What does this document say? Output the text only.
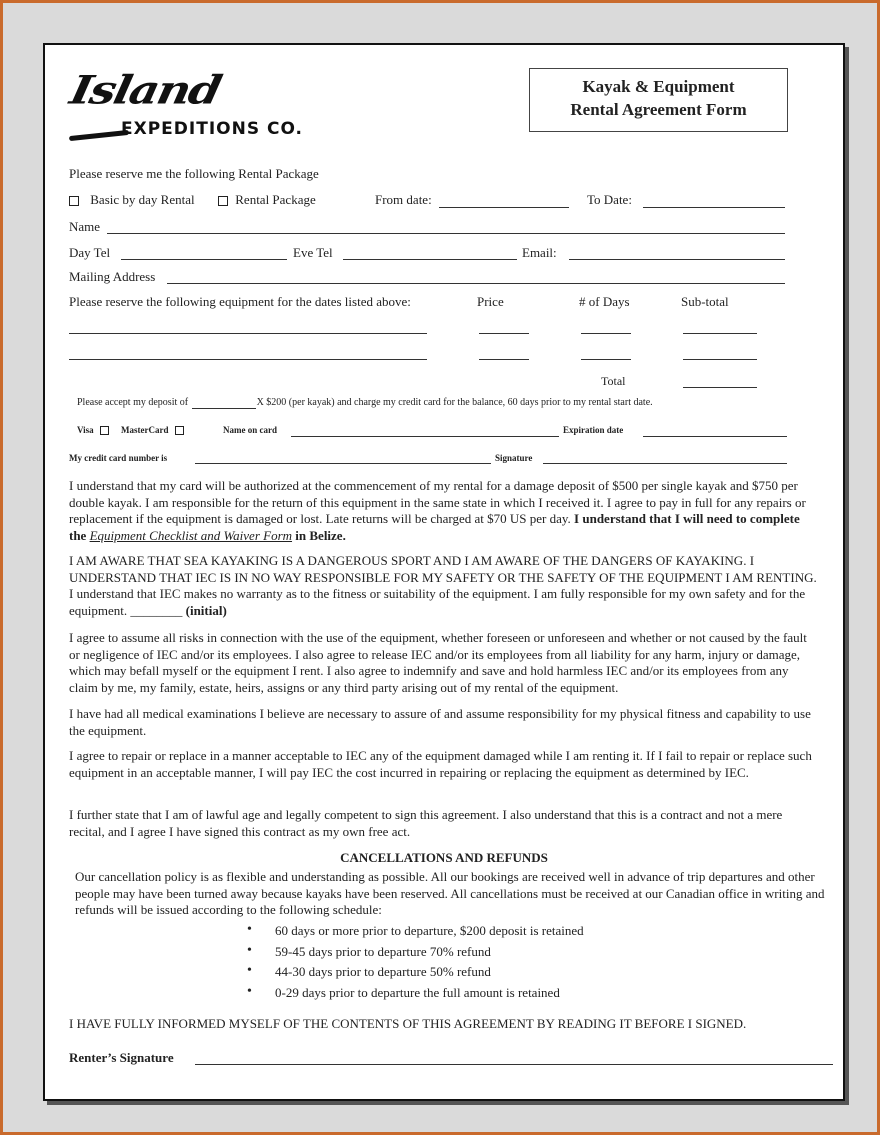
Island
EXPEDITIONS CO.
Kayak & Equipment
Rental Agreement Form
Please reserve me the following Rental Package
Basic by day Rental	Rental Package	From date:	To Date:
Name
Day Tel	Eve Tel	Email:
Mailing Address
Please reserve the following equipment for the dates listed above:	Price	# of Days	Sub-total
Total
Please accept my deposit of	X $200 (per kayak) and charge my credit card for the balance, 60 days prior to my rental start date.
Visa	MasterCard	Name on card	Expiration date
My credit card number is	Signature
I understand that my card will be authorized at the commencement of my rental for a damage deposit of $500 per single kayak and $750 per double kayak. I am responsible for the return of this equipment in the same state in which I received it. I agree to pay in full for any repairs or replacement if the equipment is damaged or lost. Late returns will be charged at $70 US per day. I understand that I will need to complete the Equipment Checklist and Waiver Form in Belize.
I AM AWARE THAT SEA KAYAKING IS A DANGEROUS SPORT AND I AM AWARE OF THE DANGERS OF KAYAKING. I UNDERSTAND THAT IEC IS IN NO WAY RESPONSIBLE FOR MY SAFETY OR THE SAFETY OF THE EQUIPMENT I AM RENTING. I understand that IEC makes no warranty as to the fitness or suitability of the equipment. I am fully responsible for my own safety and for the equipment. ________ (initial)
I agree to assume all risks in connection with the use of the equipment, whether foreseen or unforeseen and whether or not caused by the fault or negligence of IEC and/or its employees. I also agree to release IEC and/or its employees from all liability for any harm, injury or damage, which may befall myself or the equipment I rent. I also agree to indemnify and save and hold harmless IEC and/or its employees from any claim by me, my family, estate, heirs, assigns or any third party arising out of my rental of the equipment.
I have had all medical examinations I believe are necessary to assure of and assume responsibility for my physical fitness and capability to use the equipment.
I agree to repair or replace in a manner acceptable to IEC any of the equipment damaged while I am renting it. If I fail to repair or replace such equipment in an acceptable manner, I will pay IEC the cost incurred in repairing or replacing the equipment as determined by IEC.
I further state that I am of lawful age and legally competent to sign this agreement. I also understand that this is a contract and not a mere recital, and I agree I have signed this contract as my own free act.
CANCELLATIONS AND REFUNDS
Our cancellation policy is as flexible and understanding as possible. All our bookings are received well in advance of trip departures and other people may have been turned away because kayaks have been reserved. All cancellations must be received at our Canadian office in writing and refunds will be issued according to the following schedule:
• 60 days or more prior to departure, $200 deposit is retained
• 59-45 days prior to departure 70% refund
• 44-30 days prior to departure 50% refund
• 0-29 days prior to departure the full amount is retained
I HAVE FULLY INFORMED MYSELF OF THE CONTENTS OF THIS AGREEMENT BY READING IT BEFORE I SIGNED.
Renter’s Signature
